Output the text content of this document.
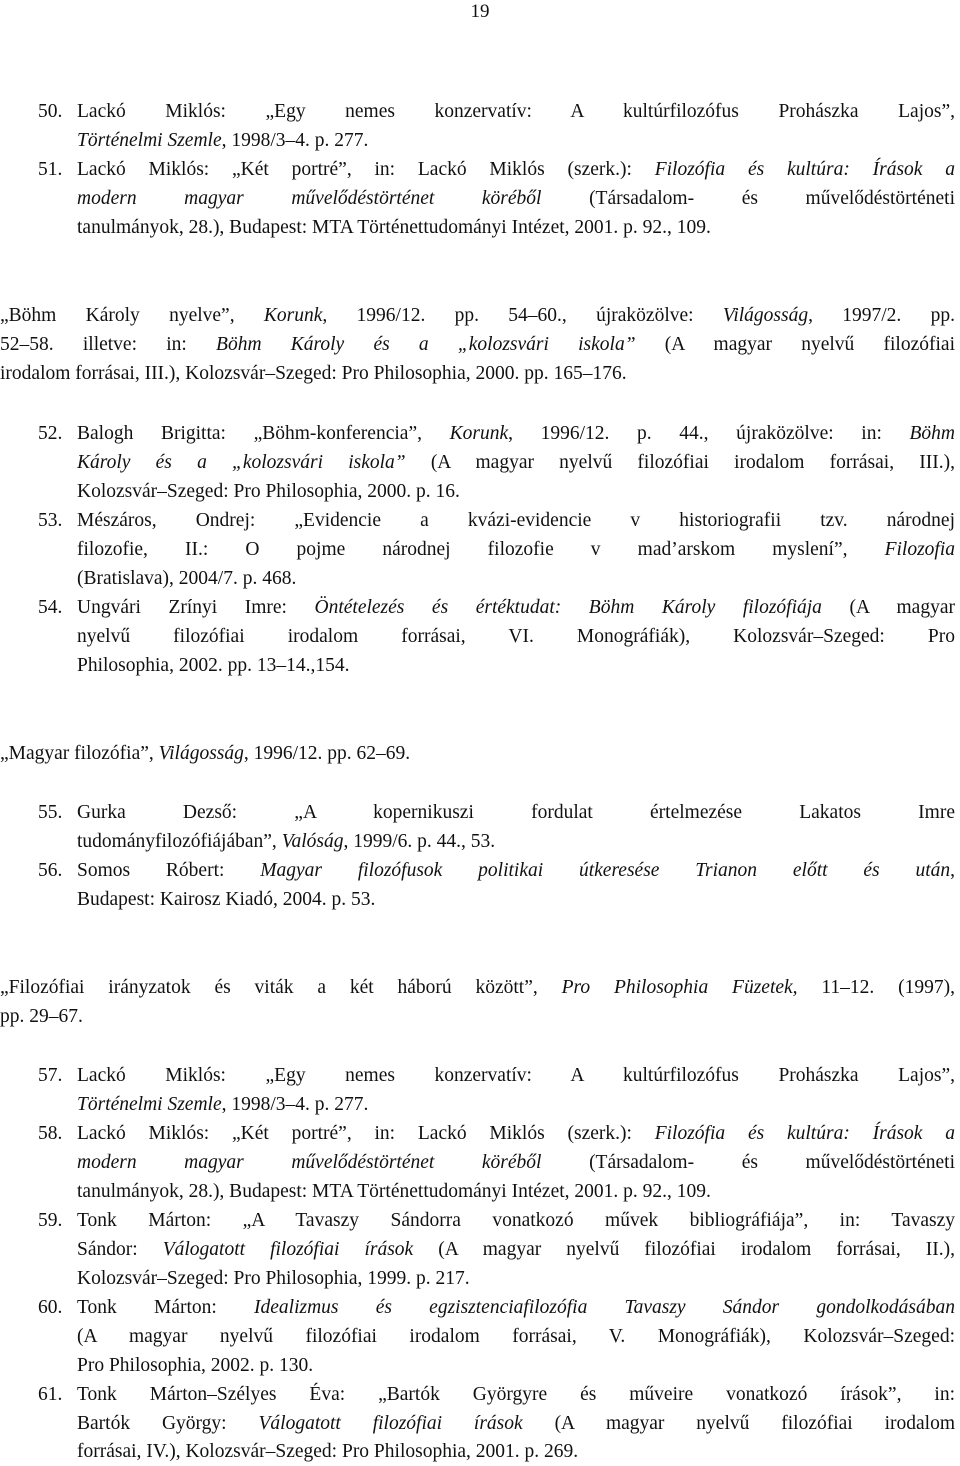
19
50. Lackó Miklós: „Egy nemes konzervatív: A kultúrfilozófus Prohászka Lajos”,
Történelmi Szemle, 1998/3–4. p. 277.
51. Lackó Miklós: „Két portré”, in: Lackó Miklós (szerk.): Filozófia és kultúra: Írások a
modern magyar művelődéstörténet köréből (Társadalom- és művelődéstörténeti
tanulmányok, 28.), Budapest: MTA Történettudományi Intézet, 2001. p. 92., 109.
„Böhm Károly nyelve”, Korunk, 1996/12. pp. 54–60., újraközölve: Világosság, 1997/2. pp.
52–58. illetve: in: Böhm Károly és a „kolozsvári iskola” (A magyar nyelvű filozófiai
irodalom forrásai, III.), Kolozsvár–Szeged: Pro Philosophia, 2000. pp. 165–176.
52. Balogh Brigitta: „Böhm-konferencia”, Korunk, 1996/12. p. 44., újraközölve: in: Böhm
Károly és a „kolozsvári iskola” (A magyar nyelvű filozófiai irodalom forrásai, III.),
Kolozsvár–Szeged: Pro Philosophia, 2000. p. 16.
53. Mészáros, Ondrej: „Evidencie a kvázi-evidencie v historiografii tzv. národnej
filozofie, II.: O pojme národnej filozofie v mad’arskom myslení”, Filozofia
(Bratislava), 2004/7. p. 468.
54. Ungvári Zrínyi Imre: Öntételezés és értéktudat: Böhm Károly filozófiája (A magyar
nyelvű filozófiai irodalom forrásai, VI. Monográfiák), Kolozsvár–Szeged: Pro
Philosophia, 2002. pp. 13–14.,154.
„Magyar filozófia”, Világosság, 1996/12. pp. 62–69.
55. Gurka Dezső: „A kopernikuszi fordulat értelmezése Lakatos Imre
tudományfilozófiájában”, Valóság, 1999/6. p. 44., 53.
56. Somos Róbert: Magyar filozófusok politikai útkeresése Trianon előtt és után,
Budapest: Kairosz Kiadó, 2004. p. 53.
„Filozófiai irányzatok és viták a két háború között”, Pro Philosophia Füzetek, 11–12. (1997),
pp. 29–67.
57. Lackó Miklós: „Egy nemes konzervatív: A kultúrfilozófus Prohászka Lajos”,
Történelmi Szemle, 1998/3–4. p. 277.
58. Lackó Miklós: „Két portré”, in: Lackó Miklós (szerk.): Filozófia és kultúra: Írások a
modern magyar művelődéstörténet köréből (Társadalom- és művelődéstörténeti
tanulmányok, 28.), Budapest: MTA Történettudományi Intézet, 2001. p. 92., 109.
59. Tonk Márton: „A Tavaszy Sándorra vonatkozó művek bibliográfiája”, in: Tavaszy
Sándor: Válogatott filozófiai írások (A magyar nyelvű filozófiai irodalom forrásai, II.),
Kolozsvár–Szeged: Pro Philosophia, 1999. p. 217.
60. Tonk Márton: Idealizmus és egzisztenciafilozófia Tavaszy Sándor gondolkodásában
(A magyar nyelvű filozófiai irodalom forrásai, V. Monográfiák), Kolozsvár–Szeged:
Pro Philosophia, 2002. p. 130.
61. Tonk Márton–Szélyes Éva: „Bartók Györgyre és műveire vonatkozó írások”, in:
Bartók György: Válogatott filozófiai írások (A magyar nyelvű filozófiai irodalom
forrásai, IV.), Kolozsvár–Szeged: Pro Philosophia, 2001. p. 269.
